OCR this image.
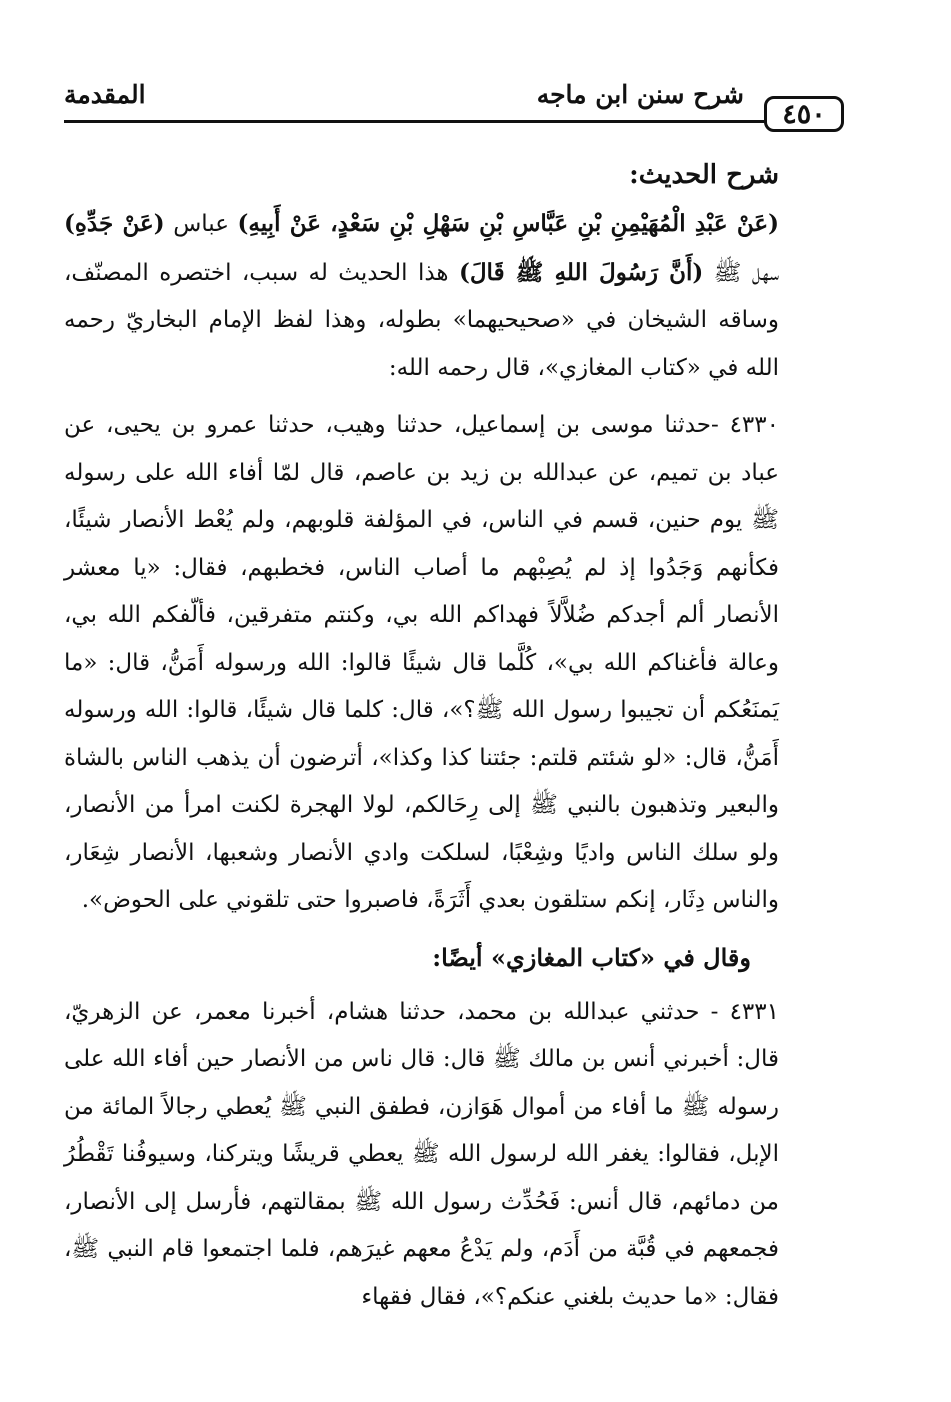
٤٥٠
شرح سنن ابن ماجه
المقدمة
شرح الحديث:

(عَنْ عَبْدِ الْمُهَيْمِنِ بْنِ عَبَّاسِ بْنِ سَهْلِ بْنِ سَعْدٍ، عَنْ أَبِيهِ) عباس (عَنْ جَدِّهِ) سهل ﷺ (أَنَّ رَسُولَ اللهِ ﷺ قَالَ) هذا الحديث له سبب، اختصره المصنّف، وساقه الشيخان في «صحيحيهما» بطوله، وهذا لفظ الإمام البخاريّ رحمه الله في «كتاب المغازي»، قال رحمه الله:

٤٣٣٠ -حدثنا موسى بن إسماعيل، حدثنا وهيب، حدثنا عمرو بن يحيى، عن عباد بن تميم، عن عبدالله بن زيد بن عاصم، قال لمّا أفاء الله على رسوله ﷺ يوم حنين، قسم في الناس، في المؤلفة قلوبهم، ولم يُعْط الأنصار شيئًا، فكأنهم وَجَدُوا إذ لم يُصِبْهم ما أصاب الناس، فخطبهم، فقال: «يا معشر الأنصار ألم أجدكم ضُلاَّلاً فهداكم الله بي، وكنتم متفرقين، فألّفكم الله بي، وعالة فأغناكم الله بي»، كُلَّما قال شيئًا قالوا: الله ورسوله أَمَنُّ، قال: «ما يَمنَعُكم أن تجيبوا رسول الله ﷺ؟»، قال: كلما قال شيئًا، قالوا: الله ورسوله أَمَنُّ، قال: «لو شئتم قلتم: جئتنا كذا وكذا»، أترضون أن يذهب الناس بالشاة والبعير وتذهبون بالنبي ﷺ إلى رِحَالكم، لولا الهجرة لكنت امرأ من الأنصار، ولو سلك الناس واديًا وشِعْبًا، لسلكت وادي الأنصار وشعبها، الأنصار شِعَار، والناس دِثَار، إنكم ستلقون بعدي أَثَرَةً، فاصبروا حتى تلقوني على الحوض».

وقال في «كتاب المغازي» أيضًا:

٤٣٣١ - حدثني عبدالله بن محمد، حدثنا هشام، أخبرنا معمر، عن الزهريّ، قال: أخبرني أنس بن مالك ﷺ قال: قال ناس من الأنصار حين أفاء الله على رسوله ﷺ ما أفاء من أموال هَوَازن، فطفق النبي ﷺ يُعطي رجالاً المائة من الإبل، فقالوا: يغفر الله لرسول الله ﷺ يعطي قريشًا ويتركنا، وسيوفُنا تَقْطُرُ من دمائهم، قال أنس: فَحُدِّث رسول الله ﷺ بمقالتهم، فأرسل إلى الأنصار، فجمعهم في قُبَّة من أَدَم، ولم يَدْعُ معهم غيرَهم، فلما اجتمعوا قام النبي ﷺ، فقال: «ما حديث بلغني عنكم؟»، فقال فقهاء
